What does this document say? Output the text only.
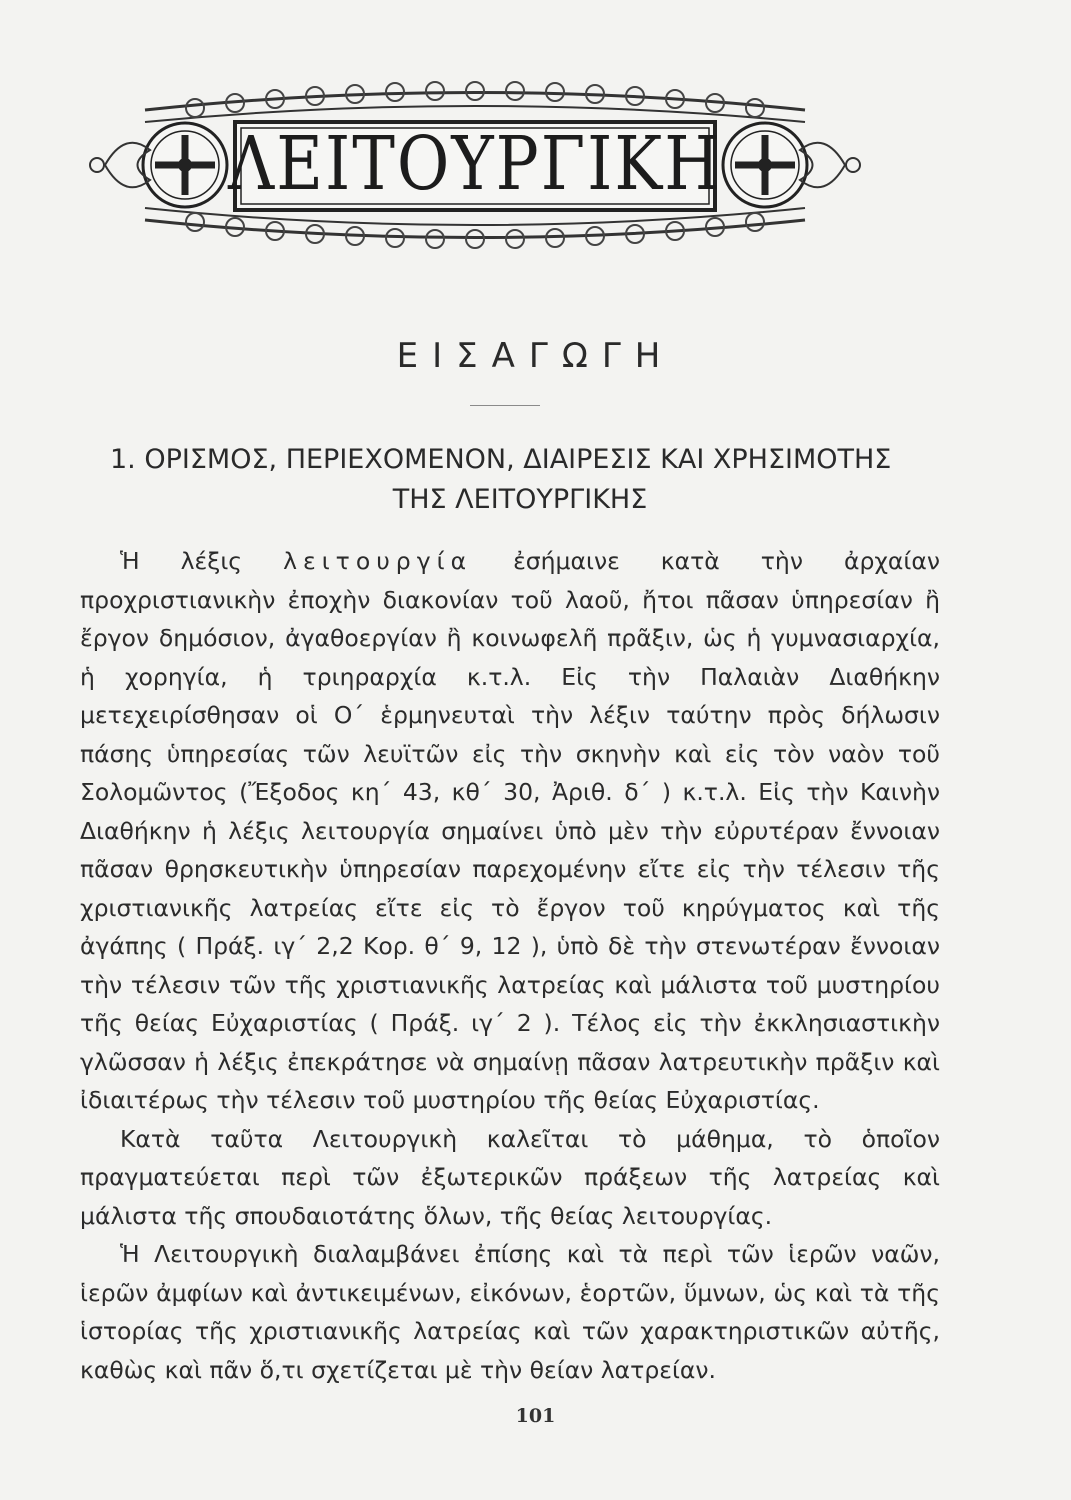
ΛΕΙΤΟΥΡΓΙΚΗ
ΕΙΣΑΓΩΓΗ
1. ΟΡΙΣΜΟΣ, ΠΕΡΙΕΧΟΜΕΝΟΝ, ΔΙΑΙΡΕΣΙΣ ΚΑΙ ΧΡΗΣΙΜΟΤΗΣ
ΤΗΣ ΛΕΙΤΟΥΡΓΙΚΗΣ

Ἡ λέξις λειτουργία ἐσήμαινε κατὰ τὴν ἀρχαίαν προχριστιανικὴν ἐποχὴν διακονίαν τοῦ λαοῦ, ἤτοι πᾶσαν ὑπηρεσίαν ἢ ἔργον δημόσιον, ἀγαθοεργίαν ἢ κοινωφελῆ πρᾶξιν, ὡς ἡ γυμνασιαρχία, ἡ χορηγία, ἡ τριηραρχία κ.τ.λ. Εἰς τὴν Παλαιὰν Διαθήκην μετεχειρίσθησαν οἱ Ο΄ ἑρμηνευταὶ τὴν λέξιν ταύτην πρὸς δήλωσιν πάσης ὑπηρεσίας τῶν λευϊτῶν εἰς τὴν σκηνὴν καὶ εἰς τὸν ναὸν τοῦ Σολομῶντος (Ἔξοδος κη΄ 43, κθ΄ 30, Ἀριθ. δ΄ ) κ.τ.λ. Εἰς τὴν Καινὴν Διαθήκην ἡ λέξις λειτουργία σημαίνει ὑπὸ μὲν τὴν εὐρυτέραν ἔννοιαν πᾶσαν θρησκευτικὴν ὑπηρεσίαν παρεχομένην εἴτε εἰς τὴν τέλεσιν τῆς χριστιανικῆς λατρείας εἴτε εἰς τὸ ἔργον τοῦ κηρύγματος καὶ τῆς ἀγάπης ( Πράξ. ιγ΄ 2,2 Κορ. θ΄ 9, 12 ), ὑπὸ δὲ τὴν στενωτέραν ἔννοιαν τὴν τέλεσιν τῶν τῆς χριστιανικῆς λατρείας καὶ μάλιστα τοῦ μυστηρίου τῆς θείας Εὐχαριστίας ( Πράξ. ιγ΄ 2 ). Τέλος εἰς τὴν ἐκκλησιαστικὴν γλῶσσαν ἡ λέξις ἐπεκράτησε νὰ σημαίνῃ πᾶσαν λατρευτικὴν πρᾶξιν καὶ ἰδιαιτέρως τὴν τέλεσιν τοῦ μυστηρίου τῆς θείας Εὐχαριστίας.

Κατὰ ταῦτα Λειτουργικὴ καλεῖται τὸ μάθημα, τὸ ὁποῖον πραγματεύεται περὶ τῶν ἐξωτερικῶν πράξεων τῆς λατρείας καὶ μάλιστα τῆς σπουδαιοτάτης ὅλων, τῆς θείας λειτουργίας.

Ἡ Λειτουργικὴ διαλαμβάνει ἐπίσης καὶ τὰ περὶ τῶν ἱερῶν ναῶν, ἱερῶν ἀμφίων καὶ ἀντικειμένων, εἰκόνων, ἑορτῶν, ὕμνων, ὡς καὶ τὰ τῆς ἱστορίας τῆς χριστιανικῆς λατρείας καὶ τῶν χαρακτηριστικῶν αὐτῆς, καθὼς καὶ πᾶν ὅ,τι σχετίζεται μὲ τὴν θείαν λατρείαν.

101
